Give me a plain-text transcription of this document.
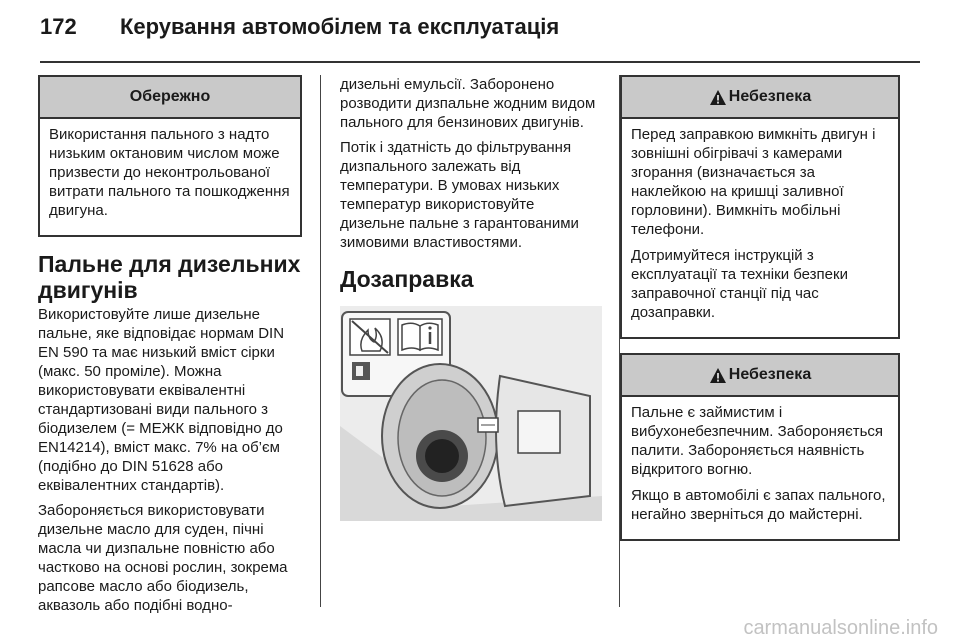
172 Керування автомобілем та експлуатація
Обережно

Використання пального з надто низьким октановим числом може призвести до неконтрольованої витрати пального та пошкодження двигуна.

Пальне для дизельних двигунів

Використовуйте лише дизельне пальне, яке відповідає нормам DIN EN 590 та має низький вміст сірки (макс. 50 проміле). Можна використовувати еквівалентні стандартизовані види пального з біодизелем (= МЕЖК відповідно до EN14214), вміст макс. 7% на об’єм (подібно до DIN 51628 або еквівалентних стандартів).

Забороняється використовувати дизельне масло для суден, пічні масла чи дизпальне повністю або частково на основі рослин, зокрема рапсове масло або біодизель, аквазоль або подібні водно-

дизельні емульсії. Заборонено розводити дизпальне жодним видом пального для бензинових двигунів.

Потік і здатність до фільтрування дизпального залежать від температури. В умовах низьких температур використовуйте дизельне пальне з гарантованими зимовими властивостями.

Дозаправка
Небезпека

Перед заправкою вимкніть двигун і зовнішні обігрівачі з камерами згорання (визначається за наклейкою на кришці заливної горловини). Вимкніть мобільні телефони.

Дотримуйтеся інструкцій з експлуатації та техніки безпеки заправочної станції під час дозаправки.

Небезпека

Пальне є займистим і вибухонебезпечним. Забороняється палити. Забороняється наявність відкритого вогню.

Якщо в автомобілі є запах пального, негайно зверніться до майстерні.

carmanualsonline.info
